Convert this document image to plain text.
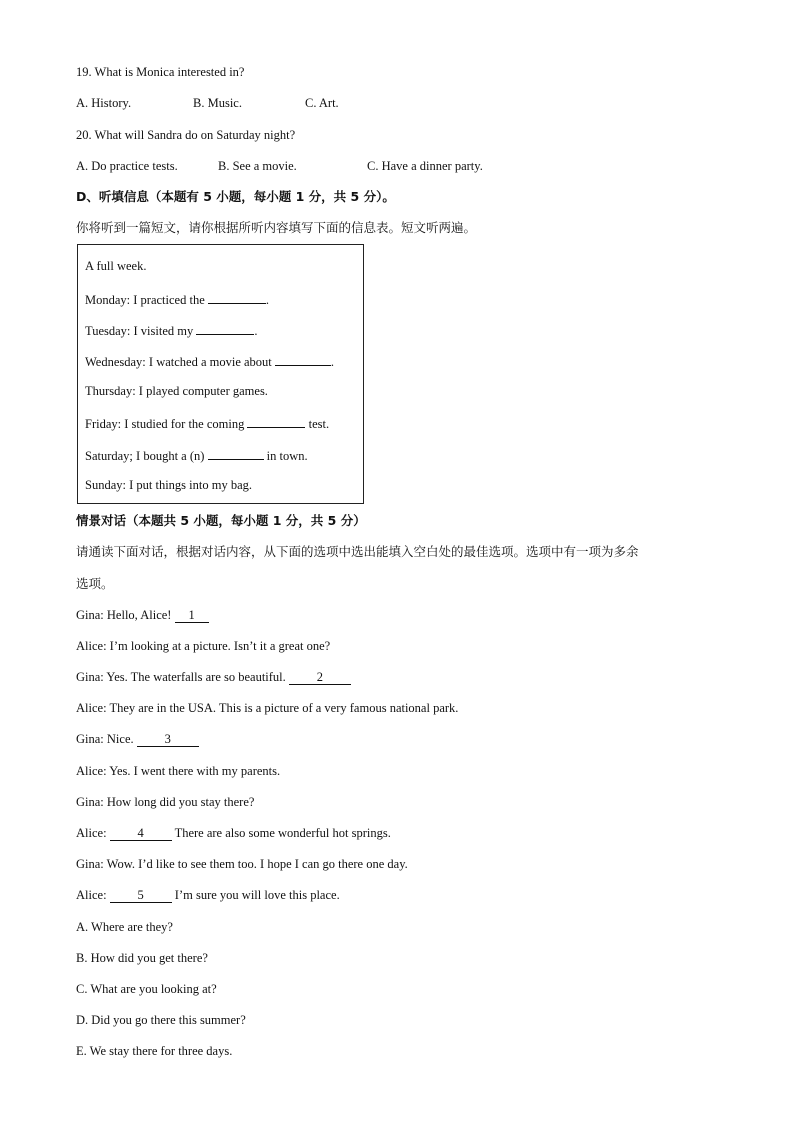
19. What is Monica interested in?
A. History.	B. Music.	C. Art.
20. What will Sandra do on Saturday night?
A. Do practice tests.	B. See a movie.	C. Have a dinner party.
D、听填信息（本题有 5 小题，每小题 1 分，共 5 分）。
你将听到一篇短文，请你根据所听内容填写下面的信息表。短文听两遍。
A full week.
Monday: I practiced the	.
Tuesday: I visited my	.
Wednesday: I watched a movie about	.
Thursday: I played computer games.
Friday: I studied for the coming	test.
Saturday; I bought a (n)	in town.
Sunday: I put things into my bag.
情景对话（本题共 5 小题，每小题 1 分，共 5 分）
请通读下面对话，根据对话内容，从下面的选项中选出能填入空白处的最佳选项。选项中有一项为多余
选项。
Gina: Hello, Alice! 1
Alice: I’m looking at a picture. Isn’t it a great one?
Gina: Yes. The waterfalls are so beautiful. 2
Alice: They are in the USA. This is a picture of a very famous national park.
Gina: Nice. 3
Alice: Yes. I went there with my parents.
Gina: How long did you stay there?
Alice: 4 There are also some wonderful hot springs.
Gina: Wow. I’d like to see them too. I hope I can go there one day.
Alice: 5 I’m sure you will love this place.
A. Where are they?
B. How did you get there?
C. What are you looking at?
D. Did you go there this summer?
E. We stay there for three days.
